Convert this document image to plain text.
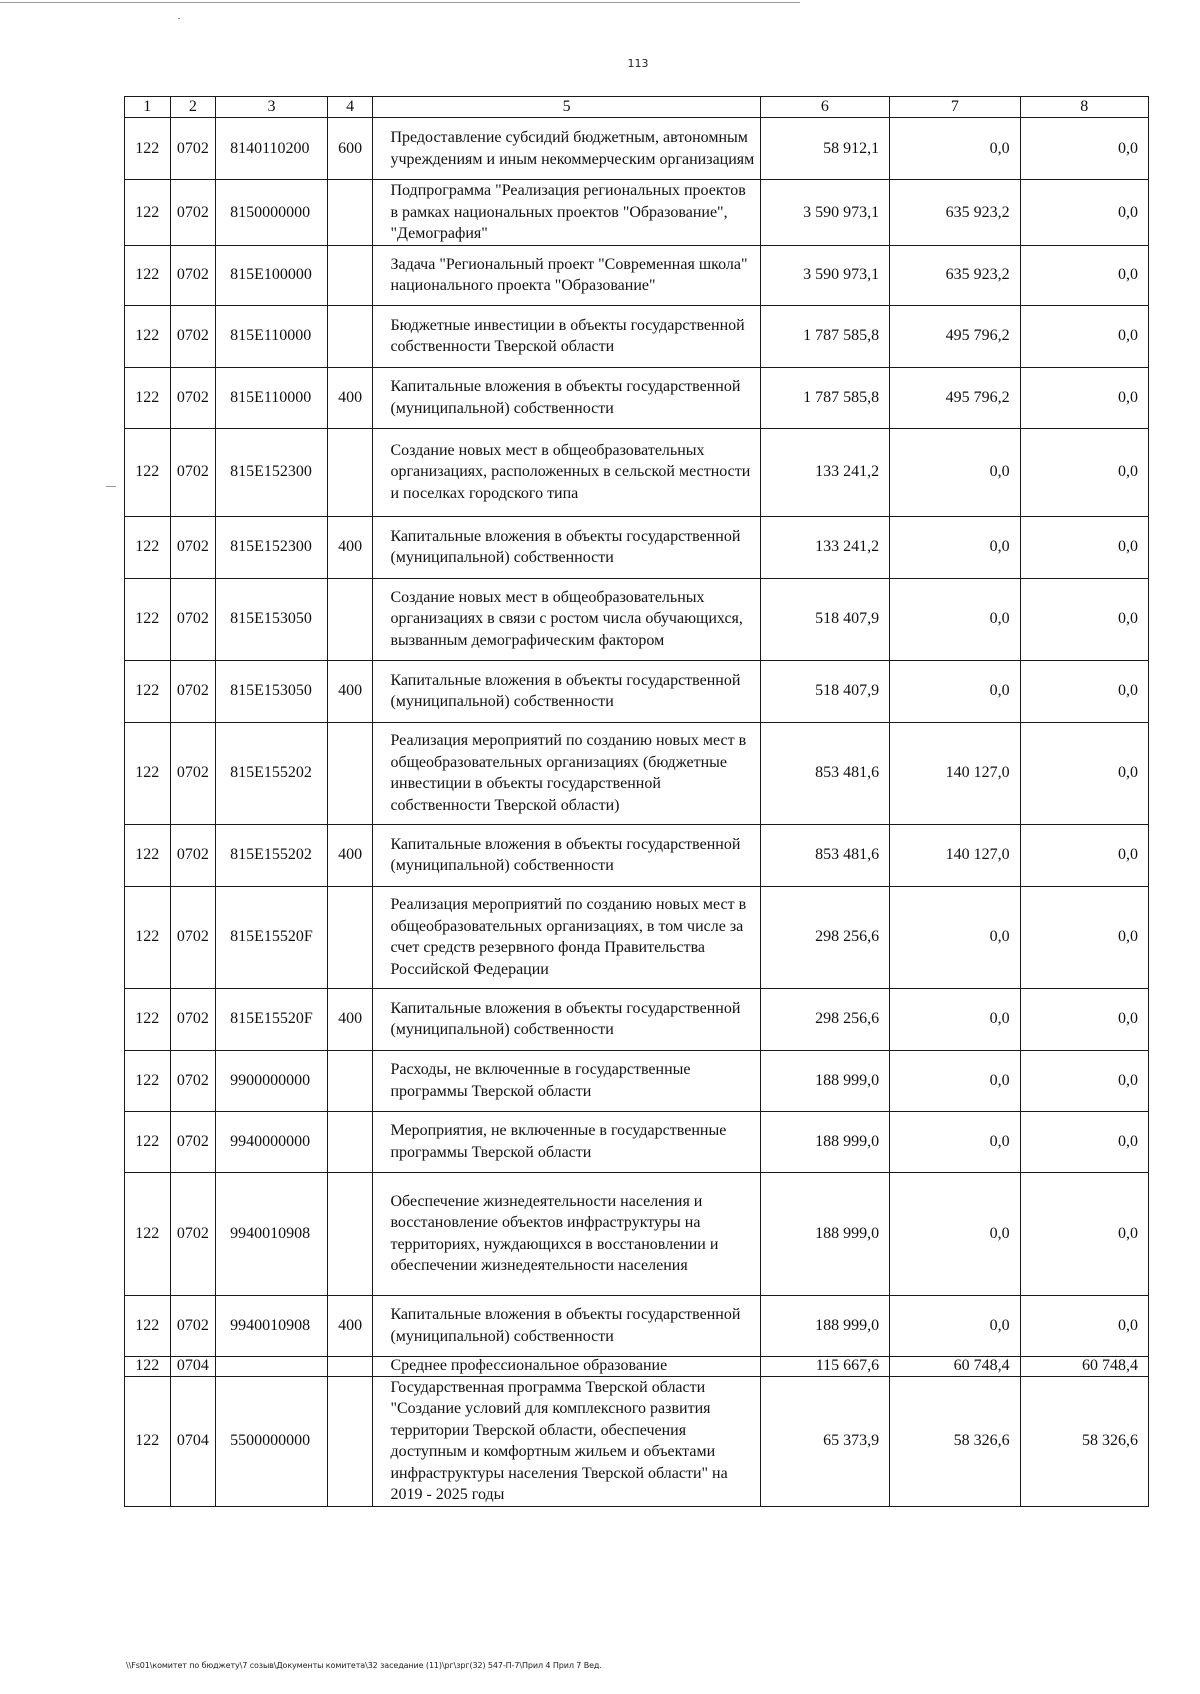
113
1	2	3	4	5	6	7	8
122	0702	8140110200	600	Предоставление субсидий бюджетным, автономным учреждениям и иным некоммерческим организациям	58 912,1	0,0	0,0
122	0702	8150000000		Подпрограмма "Реализация региональных проектов в рамках национальных проектов "Образование", "Демография"	3 590 973,1	635 923,2	0,0
122	0702	815E100000		Задача "Региональный проект "Современная школа" национального проекта "Образование"	3 590 973,1	635 923,2	0,0
122	0702	815E110000		Бюджетные инвестиции в объекты государственной собственности Тверской области	1 787 585,8	495 796,2	0,0
122	0702	815E110000	400	Капитальные вложения в объекты государственной (муниципальной) собственности	1 787 585,8	495 796,2	0,0
122	0702	815E152300		Создание новых мест в общеобразовательных организациях, расположенных в сельской местности и поселках городского типа	133 241,2	0,0	0,0
122	0702	815E152300	400	Капитальные вложения в объекты государственной (муниципальной) собственности	133 241,2	0,0	0,0
122	0702	815E153050		Создание новых мест в общеобразовательных организациях в связи с ростом числа обучающихся, вызванным демографическим фактором	518 407,9	0,0	0,0
122	0702	815E153050	400	Капитальные вложения в объекты государственной (муниципальной) собственности	518 407,9	0,0	0,0
122	0702	815E155202		Реализация мероприятий по созданию новых мест в общеобразовательных организациях (бюджетные инвестиции в объекты государственной собственности Тверской области)	853 481,6	140 127,0	0,0
122	0702	815E155202	400	Капитальные вложения в объекты государственной (муниципальной) собственности	853 481,6	140 127,0	0,0
122	0702	815E15520F		Реализация мероприятий по созданию новых мест в общеобразовательных организациях, в том числе за счет средств резервного фонда Правительства Российской Федерации	298 256,6	0,0	0,0
122	0702	815E15520F	400	Капитальные вложения в объекты государственной (муниципальной) собственности	298 256,6	0,0	0,0
122	0702	9900000000		Расходы, не включенные в государственные программы Тверской области	188 999,0	0,0	0,0
122	0702	9940000000		Мероприятия, не включенные в государственные программы Тверской области	188 999,0	0,0	0,0
122	0702	9940010908		Обеспечение жизнедеятельности населения и восстановление объектов инфраструктуры на территориях, нуждающихся в восстановлении и обеспечении жизнедеятельности населения	188 999,0	0,0	0,0
122	0702	9940010908	400	Капитальные вложения в объекты государственной (муниципальной) собственности	188 999,0	0,0	0,0
122	0704			Среднее профессиональное образование	115 667,6	60 748,4	60 748,4
122	0704	5500000000		Государственная программа Тверской области "Создание условий для комплексного развития территории Тверской области, обеспечения доступным и комфортным жильем и объектами инфраструктуры населения Тверской области" на 2019 - 2025 годы	65 373,9	58 326,6	58 326,6
\\Fs01\комитет по бюджету\7 созыв\Документы комитета\32 заседание (11)\рг\зрг(32) 547-П-7\Прил 4 Прил 7 Вед.
